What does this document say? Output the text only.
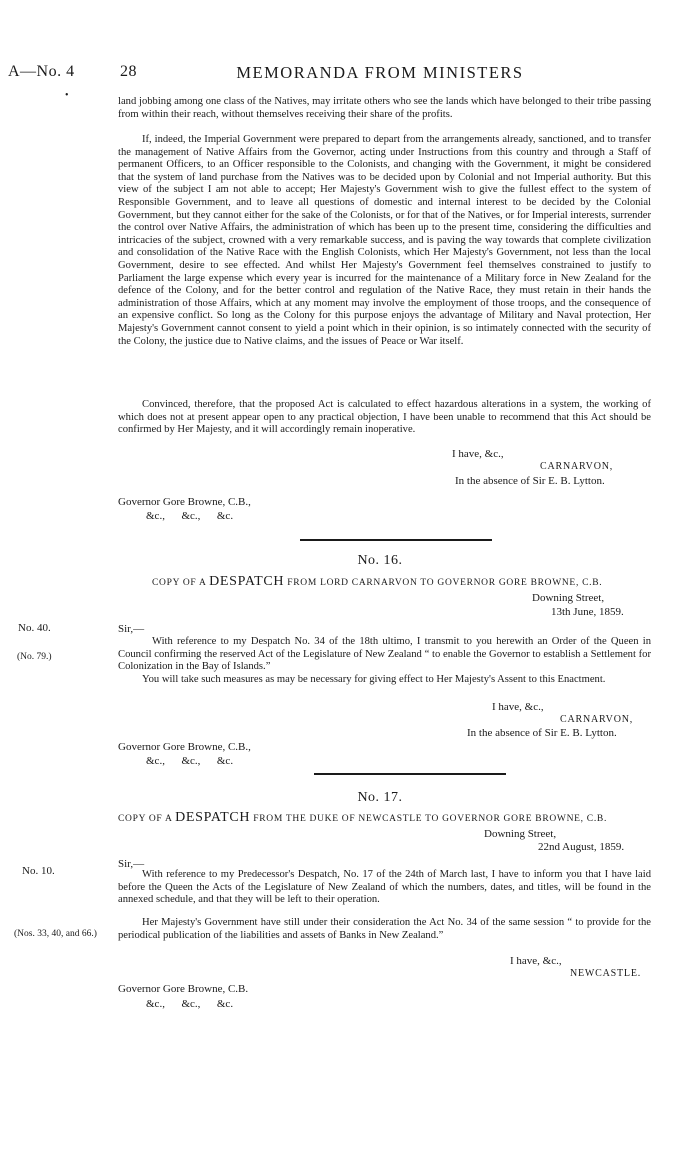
A—No. 4	28	MEMORANDA FROM MINISTERS
•

land jobbing among one class of the Natives, may irritate others who see the lands which have belonged to their tribe passing from within their reach, without themselves receiving their share of the profits.

If, indeed, the Imperial Government were prepared to depart from the arrangements already, sanctioned, and to transfer the management of Native Affairs from the Governor, acting under Instructions from this country and through a Staff of permanent Officers, to an Officer responsible to the Colonists, and changing with the Government, it might be considered that the system of land purchase from the Natives was to be decided upon by Colonial and not Imperial authority. But this view of the subject I am not able to accept; Her Majesty's Government wish to give the fullest effect to the system of Responsible Government, and to leave all questions of domestic and internal interest to be decided by the Colonial Government, but they cannot either for the sake of the Colonists, or for that of the Natives, or for Imperial interests, surrender the control over Native Affairs, the administration of which has been up to the present time, considering the difficulties and intricacies of the subject, crowned with a very remarkable success, and is paving the way towards that complete civilization and consolidation of the Native Race with the English Colonists, which Her Majesty's Government, not less than the local Government, desire to see effected. And whilst Her Majesty's Government feel themselves constrained to justify to Parliament the large expense which every year is incurred for the maintenance of a Military force in New Zealand for the defence of the Colony, and for the better control and regulation of the Native Race, they must retain in their hands the administration of those Affairs, which at any moment may involve the employment of those troops, and the consequence of an expensive conflict. So long as the Colony for this purpose enjoys the advantage of Military and Naval protection, Her Majesty's Government cannot consent to yield a point which in their opinion, is so intimately connected with the security of the Colony, the justice due to Native claims, and the issues of Peace or War itself.

Convinced, therefore, that the proposed Act is calculated to effect hazardous alterations in a system, the working of which does not at present appear open to any practical objection, I have been unable to recommend that this Act should be confirmed by Her Majesty, and it will accordingly remain inoperative.

I have, &c.,
CARNARVON,
In the absence of Sir E. B. Lytton.
Governor Gore Browne, C.B.,
&c.,      &c.,      &c.
No. 16.
COPY OF A DESPATCH FROM LORD CARNARVON TO GOVERNOR GORE BROWNE, C.B.
Downing Street,
13th June, 1859.
No. 40.
(No. 79.)
Sir,—

With reference to my Despatch No. 34 of the 18th ultimo, I transmit to you herewith an Order of the Queen in Council confirming the reserved Act of the Legislature of New Zealand “ to enable the Governor to establish a Settlement for Colonization in the Bay of Islands.”

You will take such measures as may be necessary for giving effect to Her Majesty's Assent to this Enactment.

I have, &c.,
CARNARVON,
In the absence of Sir E. B. Lytton.
Governor Gore Browne, C.B.,
&c.,      &c.,      &c.
No. 17.
COPY OF A DESPATCH FROM THE DUKE OF NEWCASTLE TO GOVERNOR GORE BROWNE, C.B.
Downing Street,
22nd August, 1859.
No. 10.
(Nos. 33, 40, and 66.)
Sir,—

With reference to my Predecessor's Despatch, No. 17 of the 24th of March last, I have to inform you that I have laid before the Queen the Acts of the Legislature of New Zealand of which the numbers, dates, and titles, will be found in the annexed schedule, and that they will be left to their operation.

Her Majesty's Government have still under their consideration the Act No. 34 of the same session “ to provide for the periodical publication of the liabilities and assets of Banks in New Zealand.”

I have, &c.,
NEWCASTLE.
Governor Gore Browne, C.B.
&c.,      &c.,      &c.
